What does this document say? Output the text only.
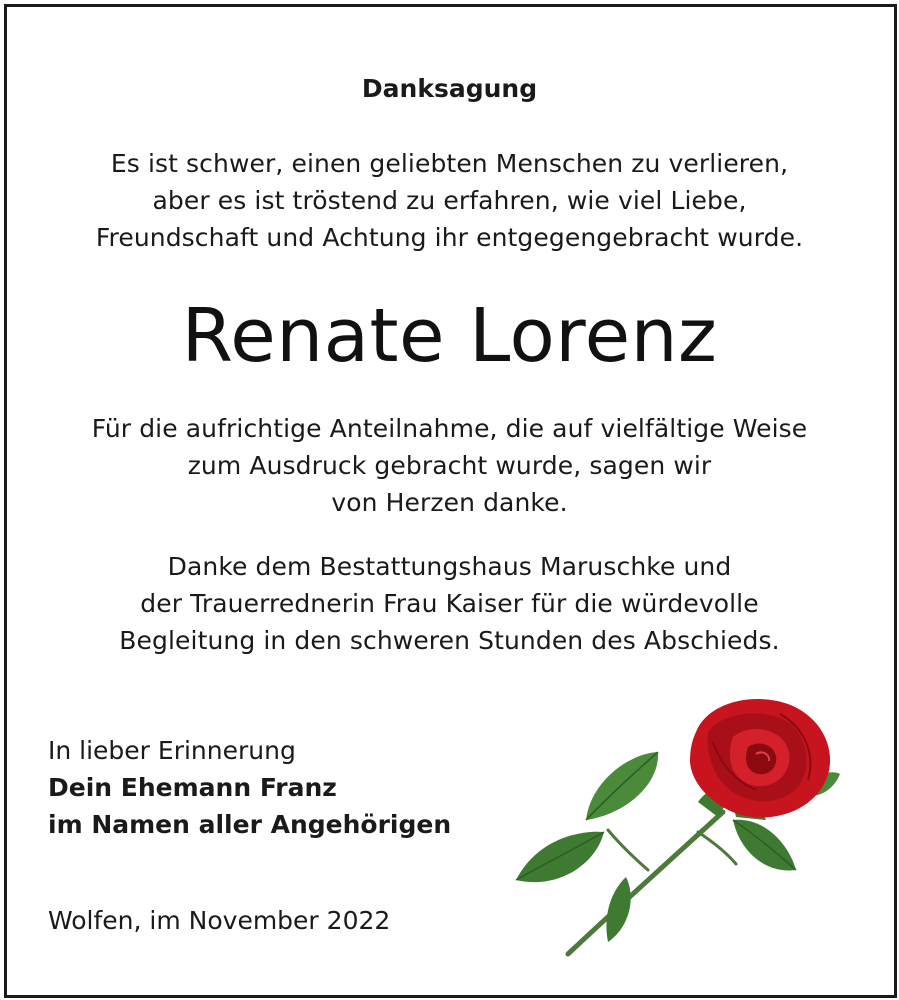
Danksagung
Es ist schwer, einen geliebten Menschen zu verlieren,
aber es ist tröstend zu erfahren, wie viel Liebe,
Freundschaft und Achtung ihr entgegengebracht wurde.
Renate Lorenz
Für die aufrichtige Anteilnahme, die auf vielfältige Weise
zum Ausdruck gebracht wurde, sagen wir
von Herzen danke.
Danke dem Bestattungshaus Maruschke und
der Trauerrednerin Frau Kaiser für die würdevolle
Begleitung in den schweren Stunden des Abschieds.
In lieber Erinnerung
Dein Ehemann Franz
im Namen aller Angehörigen
Wolfen, im November 2022
